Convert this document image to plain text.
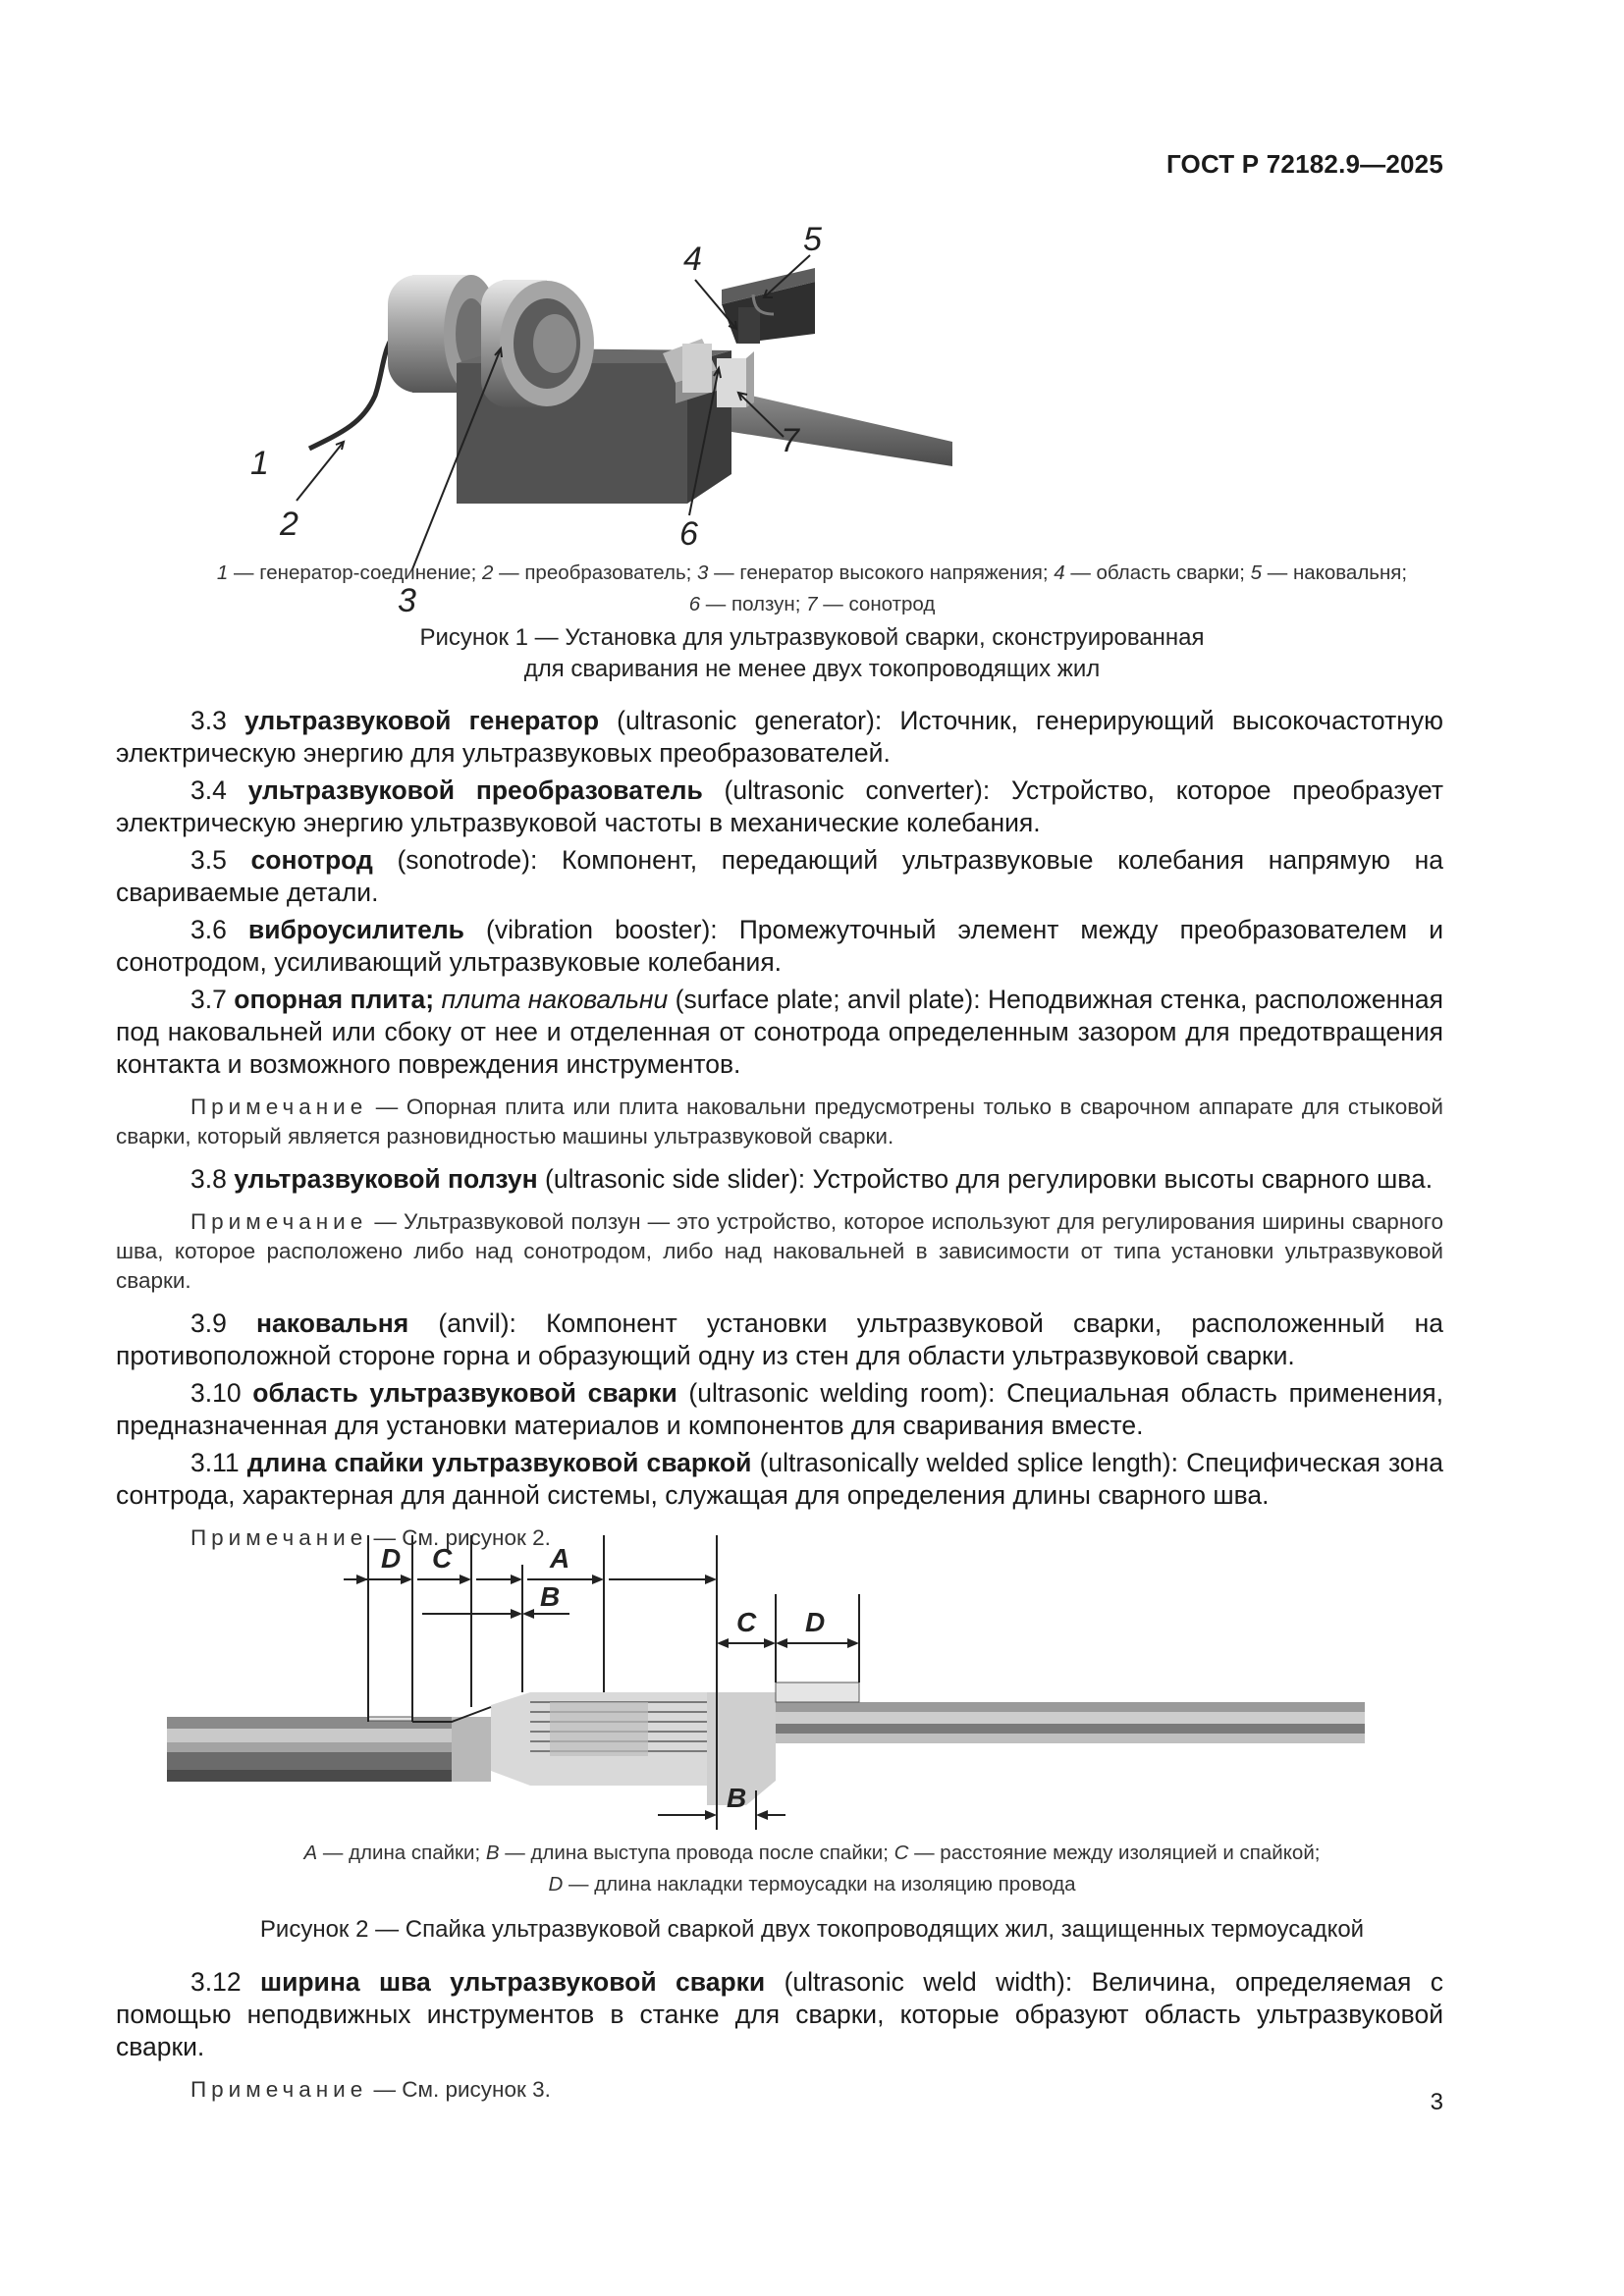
ГОСТ Р 72182.9—2025
1
2
3
4
5
6
7
1 — генератор-соединение; 2 — преобразователь; 3 — генератор высокого напряжения; 4 — область сварки; 5 — наковальня;
6 — ползун; 7 — сонотрод
Рисунок 1 — Установка для ультразвуковой сварки, сконструированная
для сваривания не менее двух токопроводящих жил

3.3 ультразвуковой генератор (ultrasonic generator): Источник, генерирующий высокочастотную электрическую энергию для ультразвуковых преобразователей.

3.4 ультразвуковой преобразователь (ultrasonic converter): Устройство, которое преобразует электрическую энергию ультразвуковой частоты в механические колебания.

3.5 сонотрод (sonotrode): Компонент, передающий ультразвуковые колебания напрямую на свариваемые детали.

3.6 виброусилитель (vibration booster): Промежуточный элемент между преобразователем и сонотродом, усиливающий ультразвуковые колебания.

3.7 опорная плита; плита наковальни (surface plate; anvil plate): Неподвижная стенка, расположенная под наковальней или сбоку от нее и отделенная от сонотрода определенным зазором для предотвращения контакта и возможного повреждения инструментов.

Примечание — Опорная плита или плита наковальни предусмотрены только в сварочном аппарате для стыковой сварки, который является разновидностью машины ультразвуковой сварки.

3.8 ультразвуковой ползун (ultrasonic side slider): Устройство для регулировки высоты сварного шва.

Примечание — Ультразвуковой ползун — это устройство, которое используют для регулирования ширины сварного шва, которое расположено либо над сонотродом, либо над наковальней в зависимости от типа установки ультразвуковой сварки.

3.9 наковальня (anvil): Компонент установки ультразвуковой сварки, расположенный на противоположной стороне горна и образующий одну из стен для области ультразвуковой сварки.

3.10 область ультразвуковой сварки (ultrasonic welding room): Специальная область применения, предназначенная для установки материалов и компонентов для сваривания вместе.

3.11 длина спайки ультразвуковой сваркой (ultrasonically welded splice length): Специфическая зона сонтрода, характерная для данной системы, служащая для определения длины сварного шва.

Примечание — См. рисунок 2.

D C	A
B
C D
B
A — длина спайки; B — длина выступа провода после спайки; C — расстояние между изоляцией и спайкой;
D — длина накладки термоусадки на изоляцию провода
Рисунок 2 — Спайка ультразвуковой сваркой двух токопроводящих жил, защищенных термоусадкой

3.12 ширина шва ультразвуковой сварки (ultrasonic weld width): Величина, определяемая с помощью неподвижных инструментов в станке для сварки, которые образуют область ультразвуковой сварки.

Примечание — См. рисунок 3.	3
